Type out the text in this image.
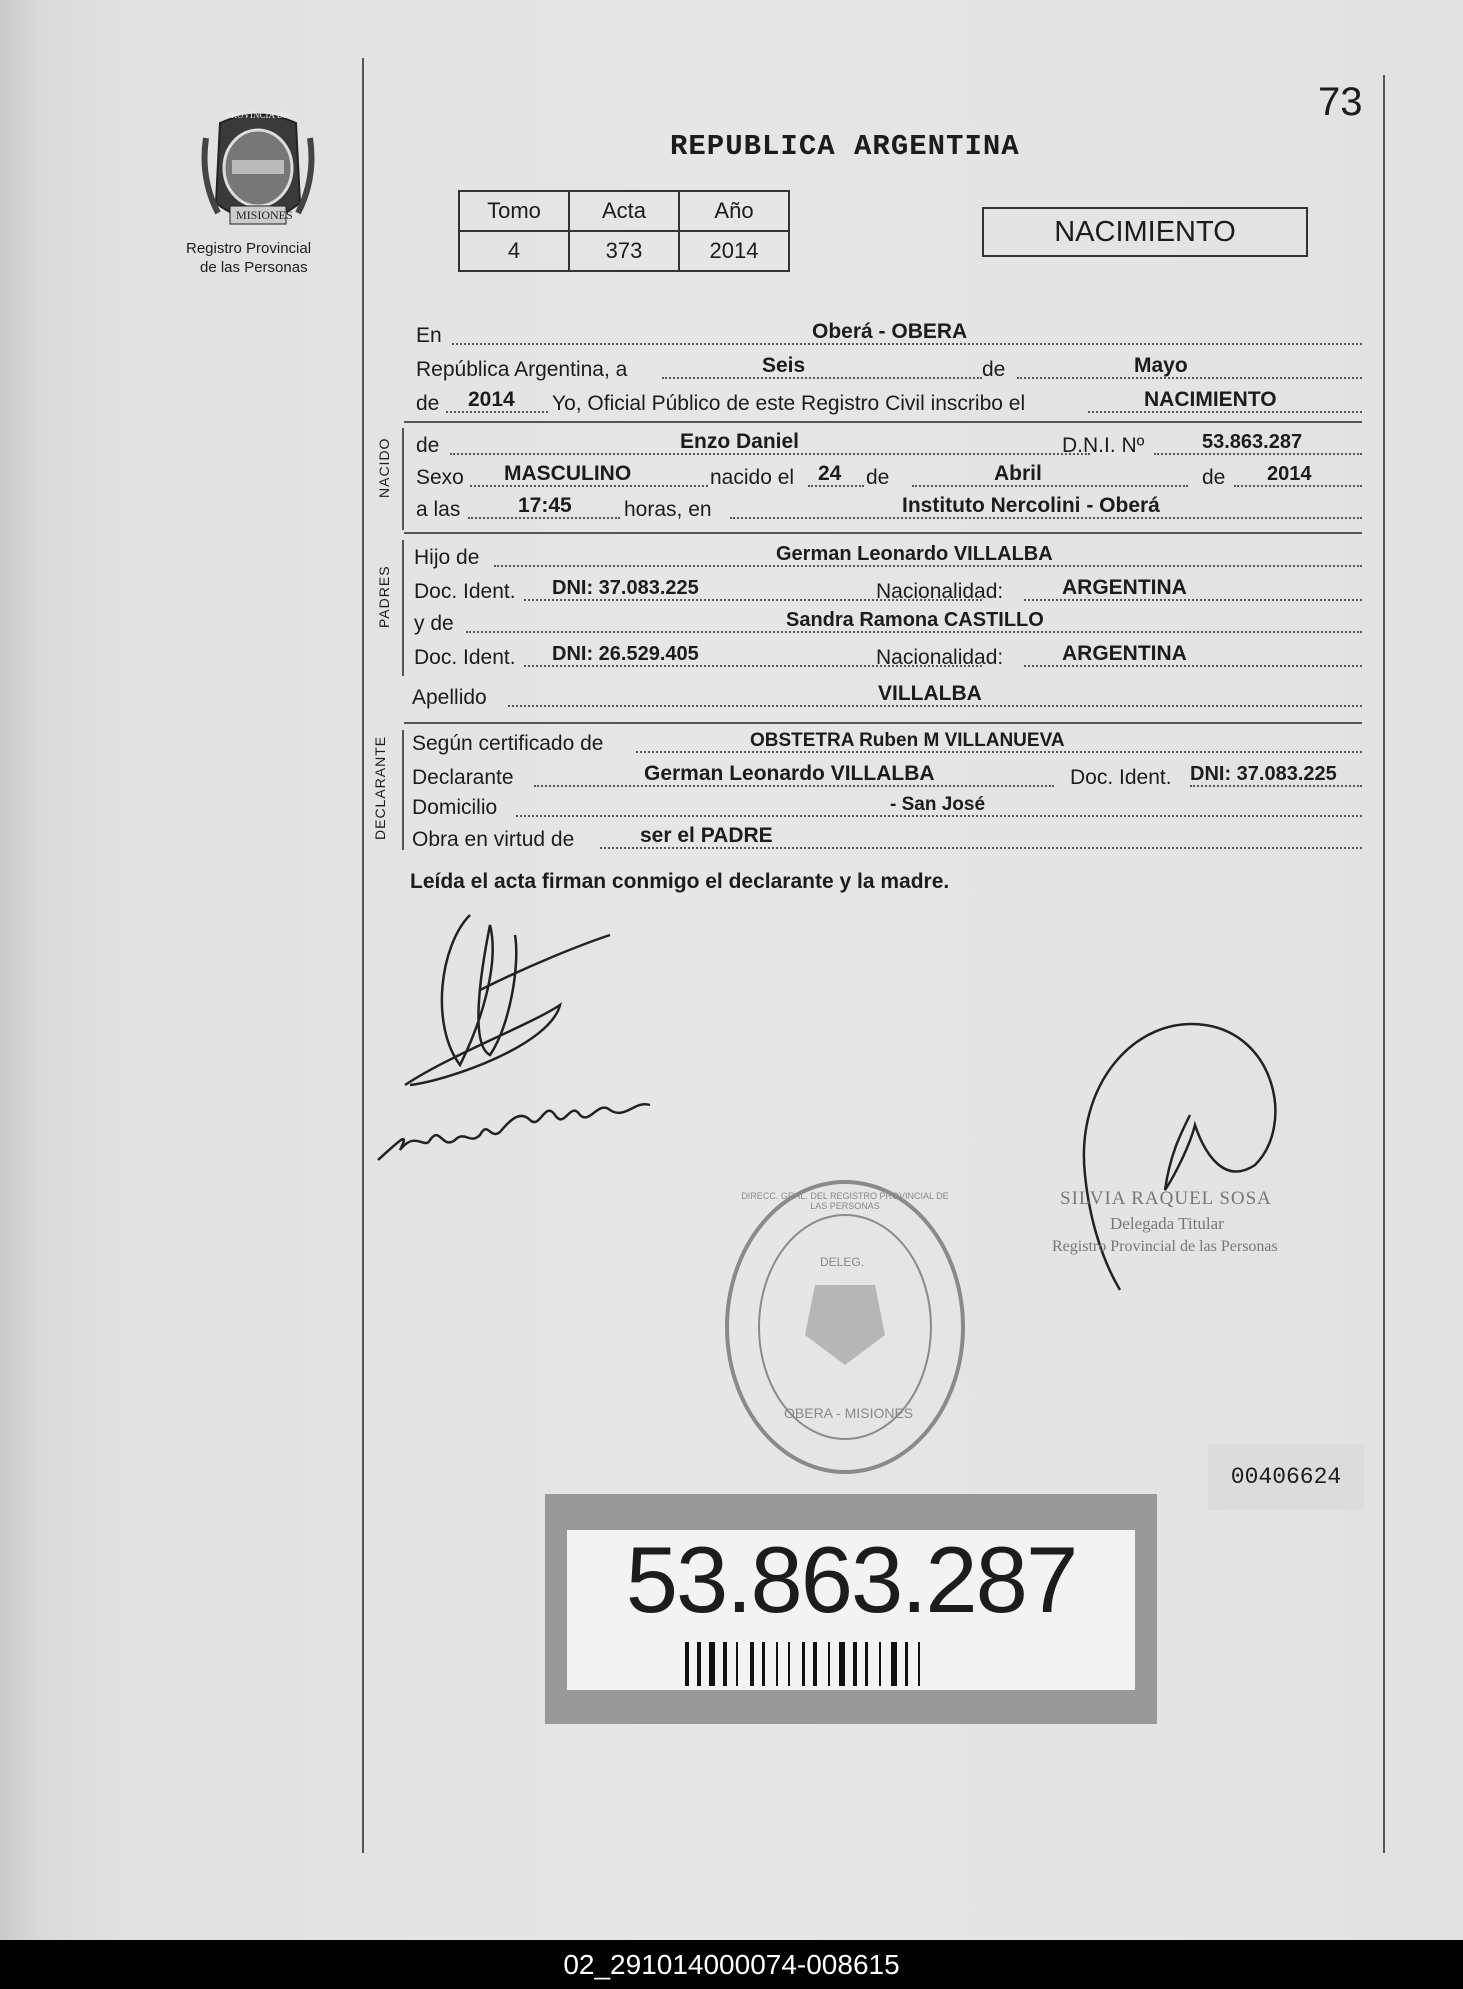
PROVINCIA DE
MISIONES
Registro Provincial
de las Personas
73
REPUBLICA ARGENTINA
Tomo	Acta	Año
4	373	2014
NACIMIENTO
En	Oberá - OBERA
República Argentina, a	Seis	de	Mayo
de 2014 Yo, Oficial Público de este Registro Civil inscribo el	NACIMIENTO
NACIDO de	Enzo Daniel	D.N.I. Nº	53.863.287
Sexo MASCULINO	nacido el 24 de	Abril	de 2014
a las	17:45 horas, en	Instituto Nercolini - Oberá
PADRES
Hijo de	German Leonardo VILLALBA
Doc. Ident. DNI: 37.083.225	Nacionalidad:	ARGENTINA
y de	Sandra Ramona CASTILLO
Doc. Ident. DNI: 26.529.405	Nacionalidad:	ARGENTINA
Apellido	VILLALBA
DECLARANTE Según certificado de	OBSTETRA Ruben M VILLANUEVA
Declarante	German Leonardo VILLALBA	Doc. Ident. DNI: 37.083.225
Domicilio	- San José
Obra en virtud de	ser el PADRE
Leída el acta firman conmigo el declarante y la madre.
SILVIA RAQUEL SOSA
Delegada Titular
Registro Provincial de las Personas
DIRECC. GRAL. DEL REGISTRO PROVINCIAL DE LAS PERSONAS
DELEG.
OBERA - MISIONES
00406624
53.863.287
02_291014000074-008615
